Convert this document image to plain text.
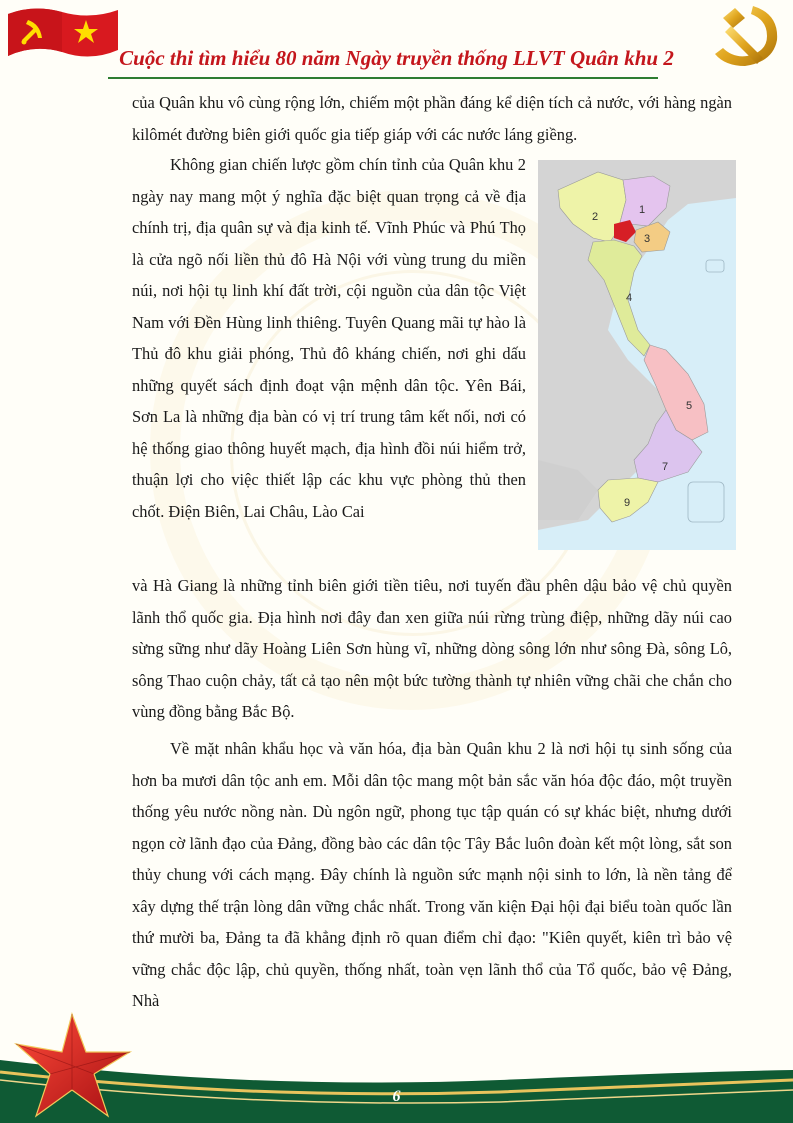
Cuộc thi tìm hiểu 80 năm Ngày truyền thống LLVT Quân khu 2

của Quân khu vô cùng rộng lớn, chiếm một phần đáng kể diện tích cả nước, với hàng ngàn kilômét đường biên giới quốc gia tiếp giáp với các nước láng giềng.

Không gian chiến lược gồm chín tỉnh của Quân khu 2 ngày nay mang một ý nghĩa đặc biệt quan trọng cả về địa chính trị, địa quân sự và địa kinh tế. Vĩnh Phúc và Phú Thọ là cửa ngõ nối liền thủ đô Hà Nội với vùng trung du miền núi, nơi hội tụ linh khí đất trời, cội nguồn của dân tộc Việt Nam với Đền Hùng linh thiêng. Tuyên Quang mãi tự hào là Thủ đô khu giải phóng, Thủ đô kháng chiến, nơi ghi dấu những quyết sách định đoạt vận mệnh dân tộc. Yên Bái, Sơn La là những địa bàn có vị trí trung tâm kết nối, nơi có hệ thống giao thông huyết mạch, địa hình đồi núi hiểm trở, thuận lợi cho việc thiết lập các khu vực phòng thủ then chốt. Điện Biên, Lai Châu, Lào Cai

1
2
3
4
5
7
9

và Hà Giang là những tỉnh biên giới tiền tiêu, nơi tuyến đầu phên dậu bảo vệ chủ quyền lãnh thổ quốc gia. Địa hình nơi đây đan xen giữa núi rừng trùng điệp, những dãy núi cao sừng sững như dãy Hoàng Liên Sơn hùng vĩ, những dòng sông lớn như sông Đà, sông Lô, sông Thao cuộn chảy, tất cả tạo nên một bức tường thành tự nhiên vững chãi che chắn cho vùng đồng bằng Bắc Bộ.

Về mặt nhân khẩu học và văn hóa, địa bàn Quân khu 2 là nơi hội tụ sinh sống của hơn ba mươi dân tộc anh em. Mỗi dân tộc mang một bản sắc văn hóa độc đáo, một truyền thống yêu nước nồng nàn. Dù ngôn ngữ, phong tục tập quán có sự khác biệt, nhưng dưới ngọn cờ lãnh đạo của Đảng, đồng bào các dân tộc Tây Bắc luôn đoàn kết một lòng, sắt son thủy chung với cách mạng. Đây chính là nguồn sức mạnh nội sinh to lớn, là nền tảng để xây dựng thế trận lòng dân vững chắc nhất. Trong văn kiện Đại hội đại biểu toàn quốc lần thứ mười ba, Đảng ta đã khẳng định rõ quan điểm chỉ đạo: "Kiên quyết, kiên trì bảo vệ vững chắc độc lập, chủ quyền, thống nhất, toàn vẹn lãnh thổ của Tổ quốc, bảo vệ Đảng, Nhà

6
